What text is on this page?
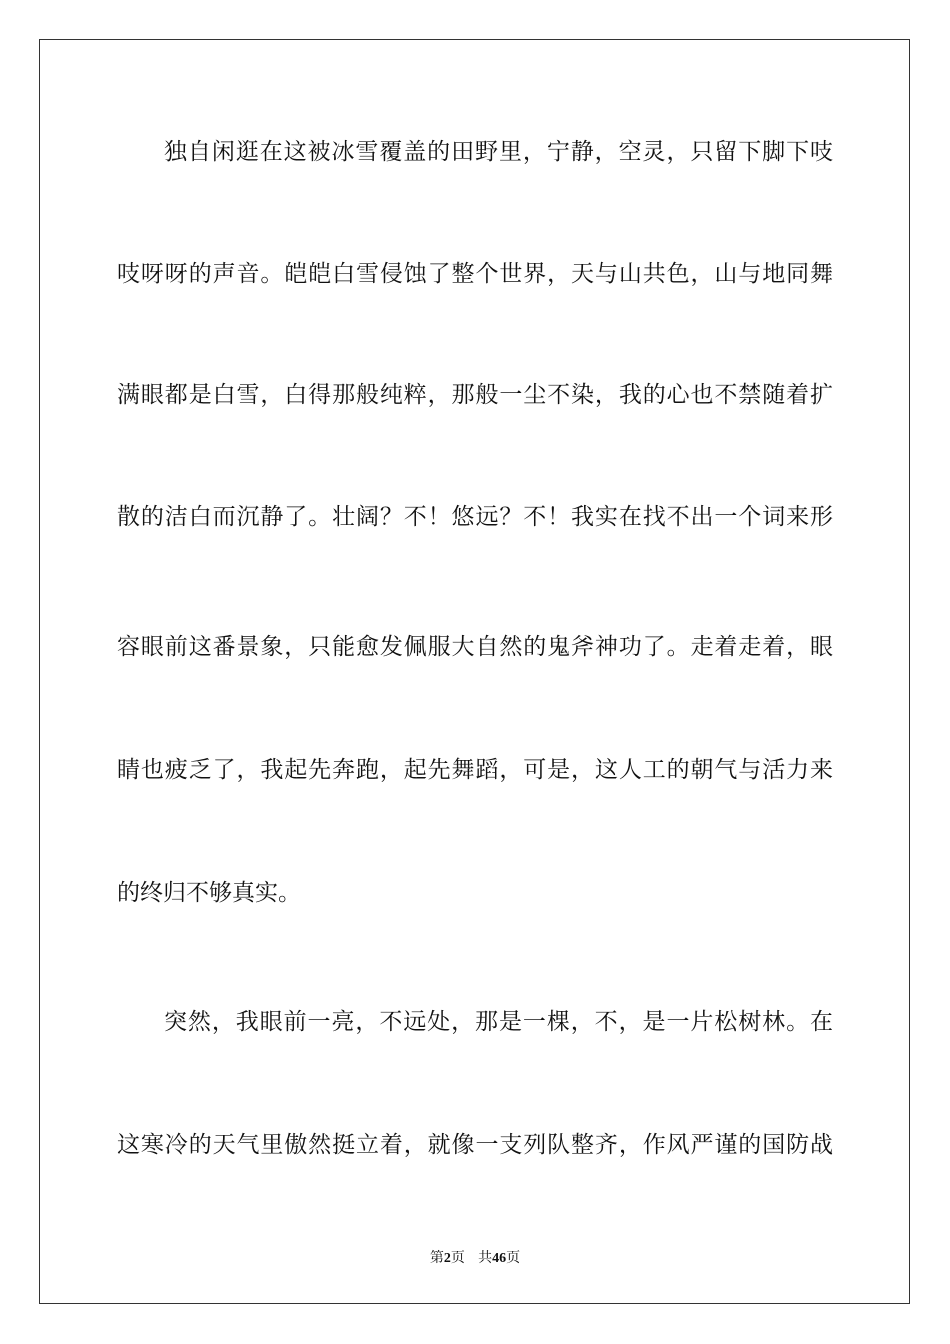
独自闲逛在这被冰雪覆盖的田野里，宁静，空灵，只留下脚下吱
吱呀呀的声音。皑皑白雪侵蚀了整个世界，天与山共色，山与地同舞
满眼都是白雪，白得那般纯粹，那般一尘不染，我的心也不禁随着扩
散的洁白而沉静了。壮阔？不！悠远？不！我实在找不出一个词来形
容眼前这番景象，只能愈发佩服大自然的鬼斧神功了。走着走着，眼
睛也疲乏了，我起先奔跑，起先舞蹈，可是，这人工的朝气与活力来
的终归不够真实。
突然，我眼前一亮，不远处，那是一棵，不，是一片松树林。在
这寒冷的天气里傲然挺立着，就像一支列队整齐，作风严谨的国防战
第2页 共46页
